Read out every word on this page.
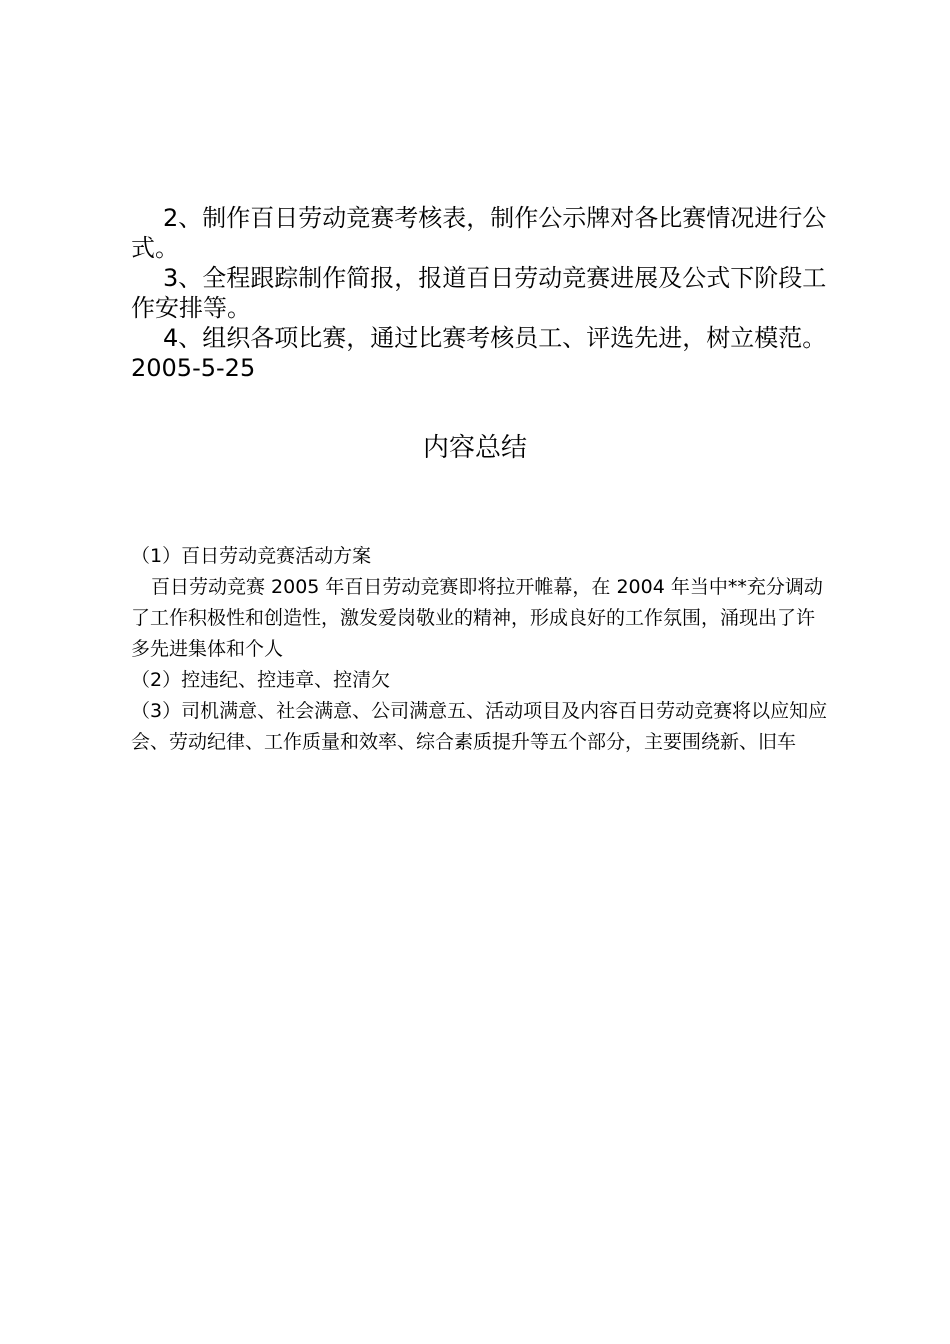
2、制作百日劳动竞赛考核表，制作公示牌对各比赛情况进行公式。

3、全程跟踪制作简报，报道百日劳动竞赛进展及公式下阶段工作安排等。

4、组织各项比赛，通过比赛考核员工、评选先进，树立模范。2005-5-25

内容总结

（1）百日劳动竞赛活动方案

百日劳动竞赛 2005 年百日劳动竞赛即将拉开帷幕，在 2004 年当中**充分调动了工作积极性和创造性，激发爱岗敬业的精神，形成良好的工作氛围，涌现出了许多先进集体和个人

（2）控违纪、控违章、控清欠

（3）司机满意、社会满意、公司满意五、活动项目及内容百日劳动竞赛将以应知应会、劳动纪律、工作质量和效率、综合素质提升等五个部分，主要围绕新、旧车
